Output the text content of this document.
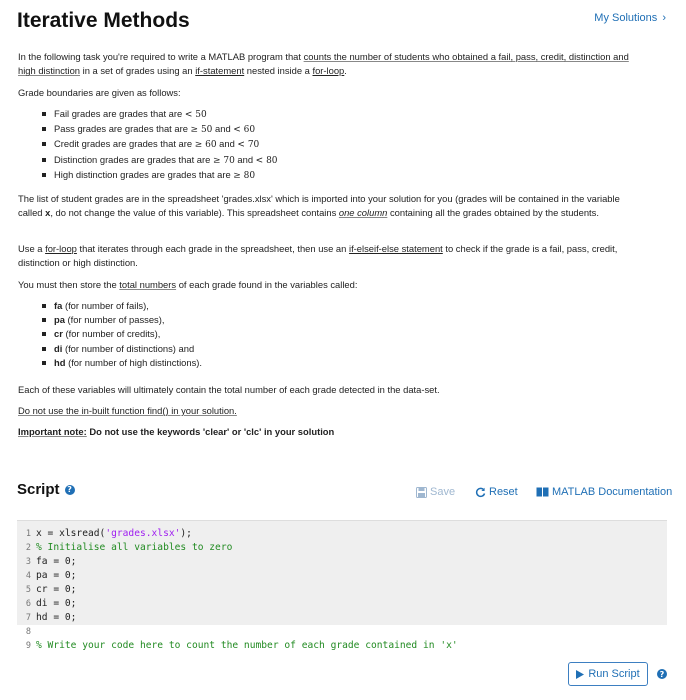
Iterative Methods	My Solutions ›

In the following task you're required to write a MATLAB program that counts the number of students who obtained a fail, pass, credit, distinction and high distinction in a set of grades using an if-statement nested inside a for-loop.

Grade boundaries are given as follows:

Fail grades are grades that are < 50
Pass grades are grades that are ≥ 50 and < 60
Credit grades are grades that are ≥ 60 and < 70
Distinction grades are grades that are ≥ 70 and < 80
High distinction grades are grades that are ≥ 80

The list of student grades are in the spreadsheet 'grades.xlsx' which is imported into your solution for you (grades will be contained in the variable called x, do not change the value of this variable). This spreadsheet contains one column containing all the grades obtained by the students.

Use a for-loop that iterates through each grade in the spreadsheet, then use an if-elseif-else statement to check if the grade is a fail, pass, credit, distinction or high distinction.

You must then store the total numbers of each grade found in the variables called:

fa (for number of fails),
pa (for number of passes),
cr (for number of credits),
di (for number of distinctions) and
hd (for number of high distinctions).

Each of these variables will ultimately contain the total number of each grade detected in the data-set.

Do not use the in-built function find() in your solution.

Important note: Do not use the keywords 'clear' or 'clc' in your solution

Script ?	Save	Reset	MATLAB Documentation
1 x = xlsread('grades.xlsx');
2 % Initialise all variables to zero
3 fa = 0;
4 pa = 0;
5 cr = 0;
6 di = 0;
7 hd = 0;
8
9 % Write your code here to count the number of each grade contained in 'x'
Run Script	?
